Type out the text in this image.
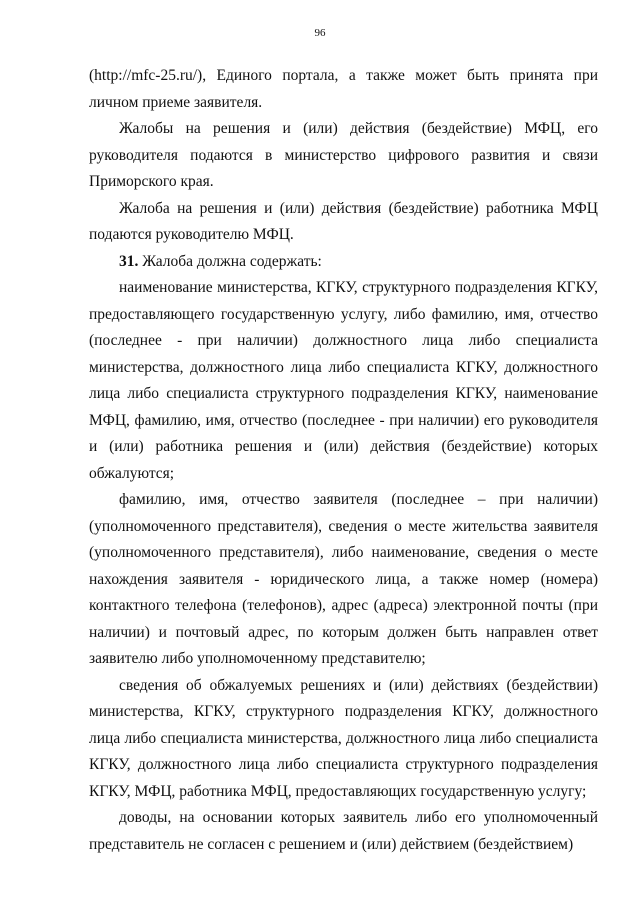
96

(http://mfc-25.ru/), Единого портала, а также может быть принята при личном приеме заявителя.

Жалобы на решения и (или) действия (бездействие) МФЦ, его руководителя подаются в министерство цифрового развития и связи Приморского края.

Жалоба на решения и (или) действия (бездействие) работника МФЦ подаются руководителю МФЦ.

31. Жалоба должна содержать:

наименование министерства, КГКУ, структурного подразделения КГКУ, предоставляющего государственную услугу, либо фамилию, имя, отчество (последнее - при наличии) должностного лица либо специалиста министерства, должностного лица либо специалиста КГКУ, должностного лица либо специалиста структурного подразделения КГКУ, наименование МФЦ, фамилию, имя, отчество (последнее - при наличии) его руководителя и (или) работника решения и (или) действия (бездействие) которых обжалуются;

фамилию, имя, отчество заявителя (последнее – при наличии) (уполномоченного представителя), сведения о месте жительства заявителя (уполномоченного представителя), либо наименование, сведения о месте нахождения заявителя - юридического лица, а также номер (номера) контактного телефона (телефонов), адрес (адреса) электронной почты (при наличии) и почтовый адрес, по которым должен быть направлен ответ заявителю либо уполномоченному представителю;

сведения об обжалуемых решениях и (или) действиях (бездействии) министерства, КГКУ, структурного подразделения КГКУ, должностного лица либо специалиста министерства, должностного лица либо специалиста КГКУ, должностного лица либо специалиста структурного подразделения КГКУ, МФЦ, работника МФЦ, предоставляющих государственную услугу;

доводы, на основании которых заявитель либо его уполномоченный представитель не согласен с решением и (или) действием (бездействием)
